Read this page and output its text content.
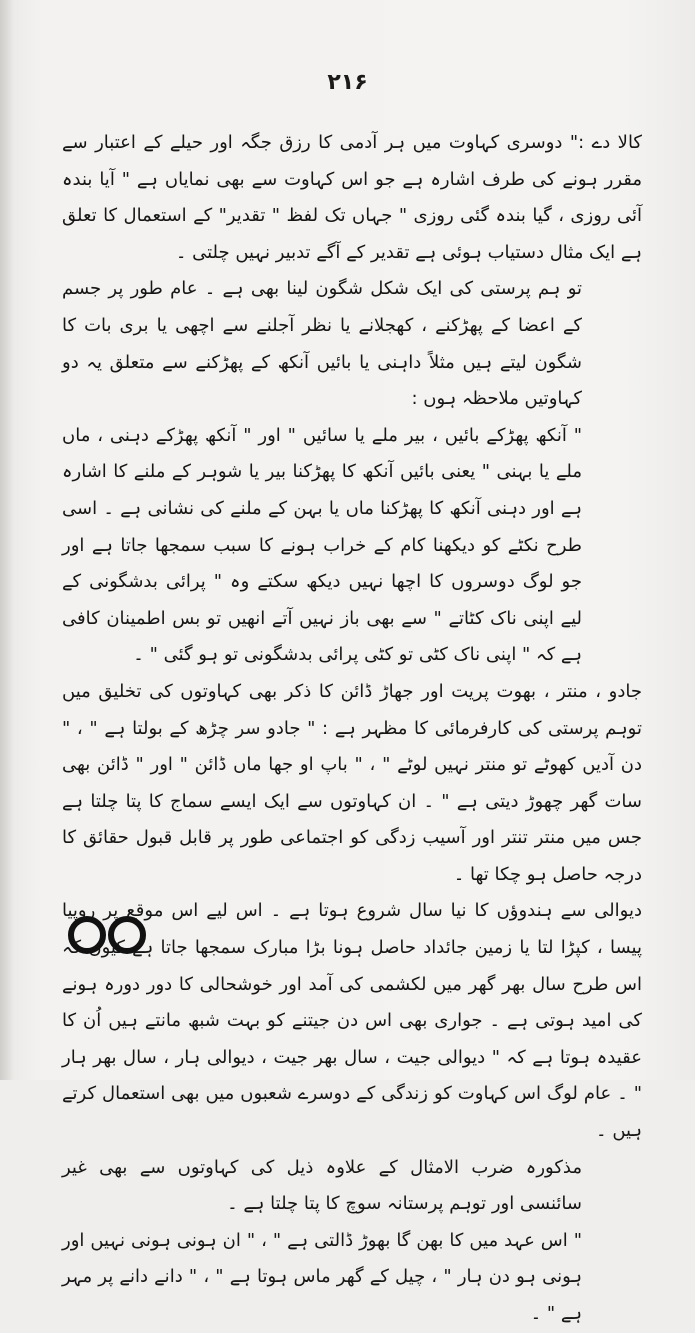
۲۱۶

کالا دے :" دوسری کہاوت میں ہر آدمی کا رزق جگہ اور حیلے کے اعتبار سے مقرر ہونے کی طرف اشارہ ہے جو اس کہاوت سے بھی نمایاں ہے " آیا بندہ آئی روزی ، گیا بندہ گئی روزی " جہاں تک لفظ " تقدیر" کے استعمال کا تعلق ہے ایک مثال دستیاب ہوئی ہے تقدیر کے آگے تدبیر نہیں چلتی ۔

تو ہم پرستی کی ایک شکل شگون لینا بھی ہے ۔ عام طور پر جسم کے اعضا کے پھڑکنے ، کھجلانے یا نظر آجلنے سے اچھی یا بری بات کا شگون لیتے ہیں مثلاً داہنی یا بائیں آنکھ کے پھڑکنے سے متعلق یہ دو کہاوتیں ملاحظہ ہوں :

" آنکھ پھڑکے بائیں ، بیر ملے یا سائیں " اور " آنکھ پھڑکے دہنی ، ماں ملے یا بہنی " یعنی بائیں آنکھ کا پھڑکنا بیر یا شوہر کے ملنے کا اشارہ ہے اور دہنی آنکھ کا پھڑکنا ماں یا بہن کے ملنے کی نشانی ہے ۔ اسی طرح نکٹے کو دیکھنا کام کے خراب ہونے کا سبب سمجھا جاتا ہے اور جو لوگ دوسروں کا اچھا نہیں دیکھ سکتے وہ " پرائی بدشگونی کے لیے اپنی ناک کٹاتے " سے بھی باز نہیں آتے انھیں تو بس اطمینان کافی ہے کہ " اپنی ناک کٹی تو کٹی پرائی بدشگونی تو ہو گئی " ۔

جادو ، منتر ، بھوت پریت اور جھاڑ ڈائن کا ذکر بھی کہاوتوں کی تخلیق میں توہم پرستی کی کارفرمائی کا مظہر ہے : " جادو سر چڑھ کے بولتا ہے " ، " دن آدیں کھوٹے تو منتر نہیں لوٹے " ، " باپ او جھا ماں ڈائن " اور " ڈائن بھی سات گھر چھوڑ دیتی ہے " ۔ ان کہاوتوں سے ایک ایسے سماج کا پتا چلتا ہے جس میں منتر تنتر اور آسیب زدگی کو اجتماعی طور پر قابل قبول حقائق کا درجہ حاصل ہو چکا تھا ۔

دیوالی سے ہندوؤں کا نیا سال شروع ہوتا ہے ۔ اس لیے اس موقع پر روپیا پیسا ، کپڑا لتا یا زمین جائداد حاصل ہونا بڑا مبارک سمجھا جاتا ہے کیوں کہ اس طرح سال بھر گھر میں لکشمی کی آمد اور خوشحالی کا دور دورہ ہونے کی امید ہوتی ہے ۔ جواری بھی اس دن جیتنے کو بہت شبھ مانتے ہیں اُن کا عقیدہ ہوتا ہے کہ " دیوالی جیت ، سال بھر جیت ، دیوالی ہار ، سال بھر ہار " ۔ عام لوگ اس کہاوت کو زندگی کے دوسرے شعبوں میں بھی استعمال کرتے ہیں ۔

مذکورہ ضرب الامثال کے علاوہ ذیل کی کہاوتوں سے بھی غیر سائنسی اور توہم پرستانہ سوچ کا پتا چلتا ہے ۔

" اس عہد میں کا بھن گا بھوڑ ڈالتی ہے " ، " ان ہونی ہونی نہیں اور ہونی ہو دن ہار " ، چیل کے گھر ماس ہوتا ہے " ، " دانے دانے پر مہر ہے " ۔
